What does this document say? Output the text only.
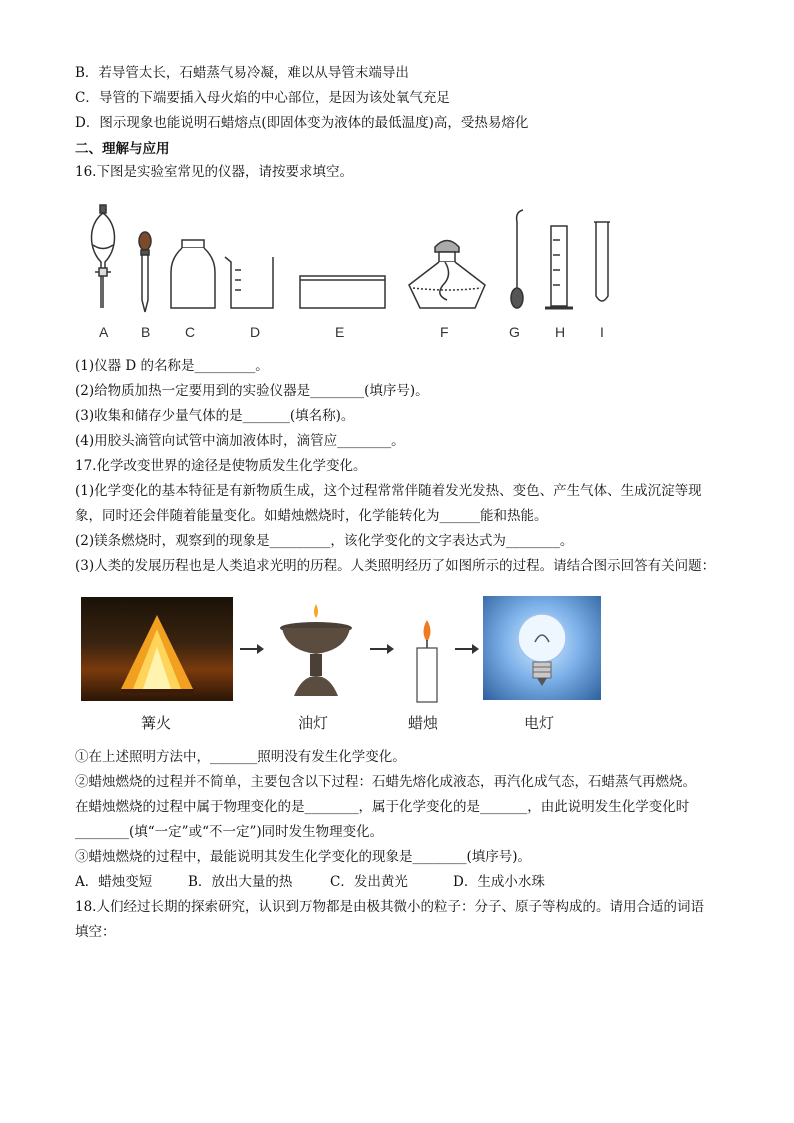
B．若导管太长，石蜡蒸气易冷凝，难以从导管末端导出
C．导管的下端要插入母火焰的中心部位，是因为该处氧气充足
D．图示现象也能说明石蜡熔点(即固体变为液体的最低温度)高，受热易熔化
二、理解与应用
16.下图是实验室常见的仪器，请按要求填空。
A B C	D	E	F	G	H I
(1)仪器 D 的名称是_________。
(2)给物质加热一定要用到的实验仪器是________(填序号)。
(3)收集和储存少量气体的是_______(填名称)。
(4)用胶头滴管向试管中滴加液体时，滴管应________。
17.化学改变世界的途径是使物质发生化学变化。
(1)化学变化的基本特征是有新物质生成，这个过程常常伴随着发光发热、变色、产生气体、生成沉淀等现
象，同时还会伴随着能量变化。如蜡烛燃烧时，化学能转化为______能和热能。
(2)镁条燃烧时，观察到的现象是_________，该化学变化的文字表达式为________。
(3)人类的发展历程也是人类追求光明的历程。人类照明经历了如图所示的过程。请结合图示回答有关问题：
篝火	油灯	蜡烛	电灯
①在上述照明方法中，_______照明没有发生化学变化。
②蜡烛燃烧的过程并不简单，主要包含以下过程：石蜡先熔化成液态，再汽化成气态，石蜡蒸气再燃烧。
在蜡烛燃烧的过程中属于物理变化的是________，属于化学变化的是_______，由此说明发生化学变化时
________(填“一定”或“不一定”)同时发生物理变化。
③蜡烛燃烧的过程中，最能说明其发生化学变化的现象是________(填序号)。
A．蜡烛变短	B．放出大量的热	C．发出黄光	D．生成小水珠
18.人们经过长期的探索研究，认识到万物都是由极其微小的粒子：分子、原子等构成的。请用合适的词语
填空：
